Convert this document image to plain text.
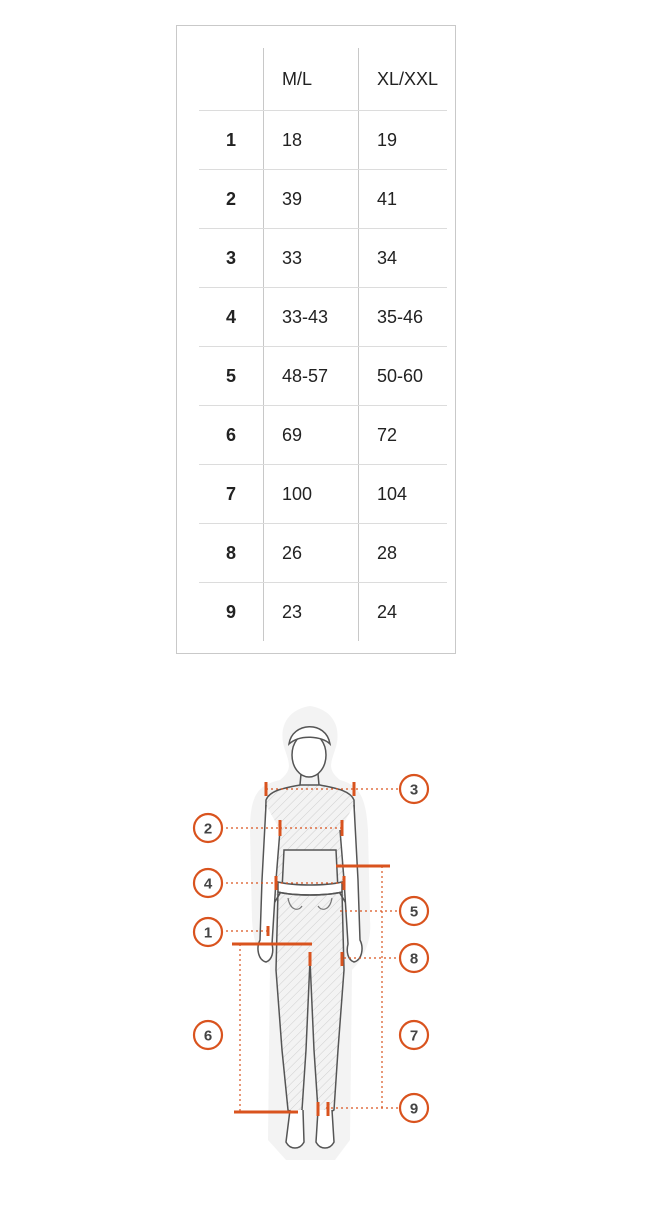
	M/L	XL/XXL
1	18	19
2	39	41
3	33	34
4	33-43	35-46
5	48-57	50-60
6	69	72
7	100	104
8	26	28
9	23	24
3
2
4
5
1
8
6	7
9
